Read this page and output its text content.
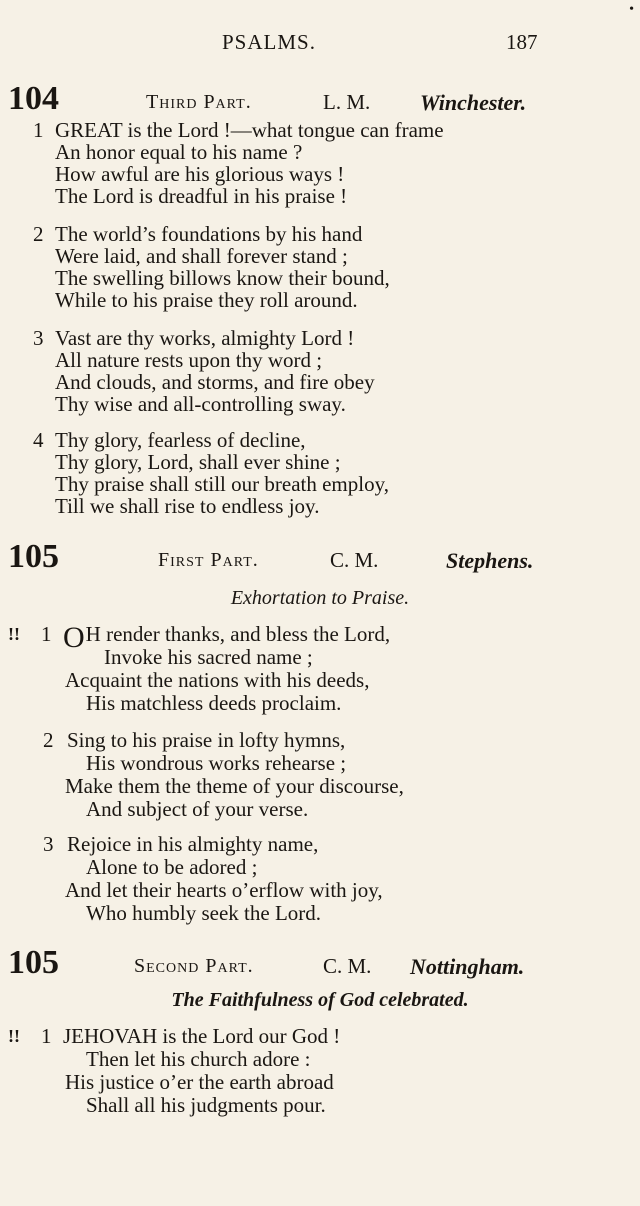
•
PSALMS.	187
104	Third Part.	L. M. Winchester.
1 GREAT is the Lord !—what tongue can frame
An honor equal to his name ?
How awful are his glorious ways !
The Lord is dreadful in his praise !
2 The world’s foundations by his hand
Were laid, and shall forever stand ;
The swelling billows know their bound,
While to his praise they roll around.
3 Vast are thy works, almighty Lord !
All nature rests upon thy word ;
And clouds, and storms, and fire obey
Thy wise and all-controlling sway.
4 Thy glory, fearless of decline,
Thy glory, Lord, shall ever shine ;
Thy praise shall still our breath employ,
Till we shall rise to endless joy.
105	First Part.	C. M.	Stephens.
Exhortation to Praise.
!! 1 OH render thanks, and bless the Lord,
Invoke his sacred name ;
Acquaint the nations with his deeds,
His matchless deeds proclaim.
2 Sing to his praise in lofty hymns,
His wondrous works rehearse ;
Make them the theme of your discourse,
And subject of your verse.
3 Rejoice in his almighty name,
Alone to be adored ;
And let their hearts o’erflow with joy,
Who humbly seek the Lord.
105	Second Part.	C. M. Nottingham.
The Faithfulness of God celebrated.
!! 1 JEHOVAH is the Lord our God !
Then let his church adore :
His justice o’er the earth abroad
Shall all his judgments pour.
